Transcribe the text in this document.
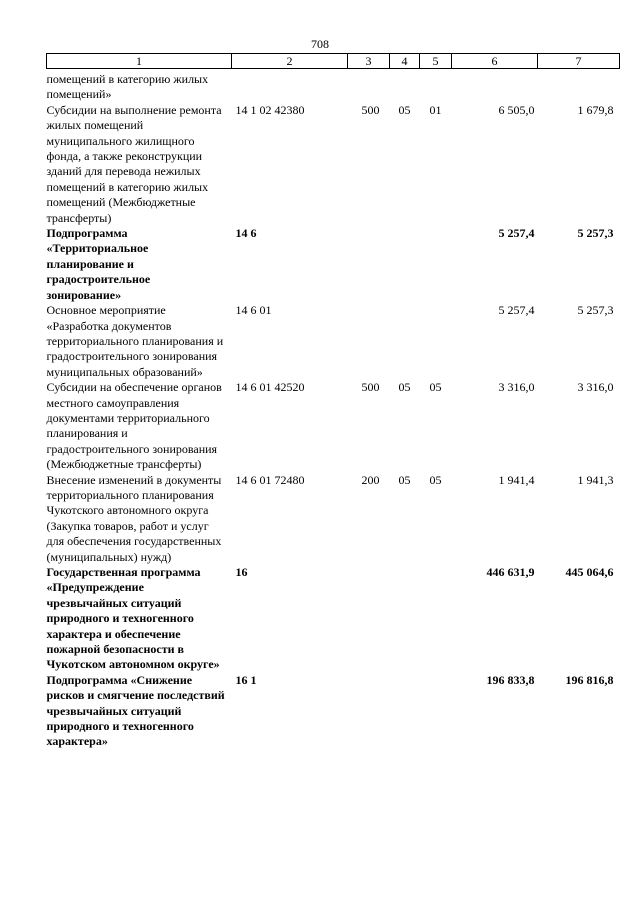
708
1	2	3	4	5	6	7
помещений в категорию жилых помещений»						
Субсидии на выполнение ремонта жилых помещений муниципального жилищного фонда, а также реконструкции зданий для перевода нежилых помещений в категорию жилых помещений (Межбюджетные трансферты)	14 1 02 42380	500	05	01	6 505,0	1 679,8
Подпрограмма «Территориальное планирование и градостроительное зонирование»	14 6				5 257,4	5 257,3
Основное мероприятие «Разработка документов территориального планирования и градостроительного зонирования муниципальных образований»	14 6 01				5 257,4	5 257,3
Субсидии на обеспечение органов местного самоуправления документами территориального планирования и градостроительного зонирования (Межбюджетные трансферты)	14 6 01 42520	500	05	05	3 316,0	3 316,0
Внесение изменений в документы территориального планирования Чукотского автономного округа (Закупка товаров, работ и услуг для обеспечения государственных (муниципальных) нужд)	14 6 01 72480	200	05	05	1 941,4	1 941,3
Государственная программа «Предупреждение чрезвычайных ситуаций природного и техногенного характера и обеспечение пожарной безопасности в Чукотском автономном округе»	16				446 631,9	445 064,6
Подпрограмма «Снижение рисков и смягчение последствий чрезвычайных ситуаций природного и техногенного характера»	16 1				196 833,8	196 816,8
